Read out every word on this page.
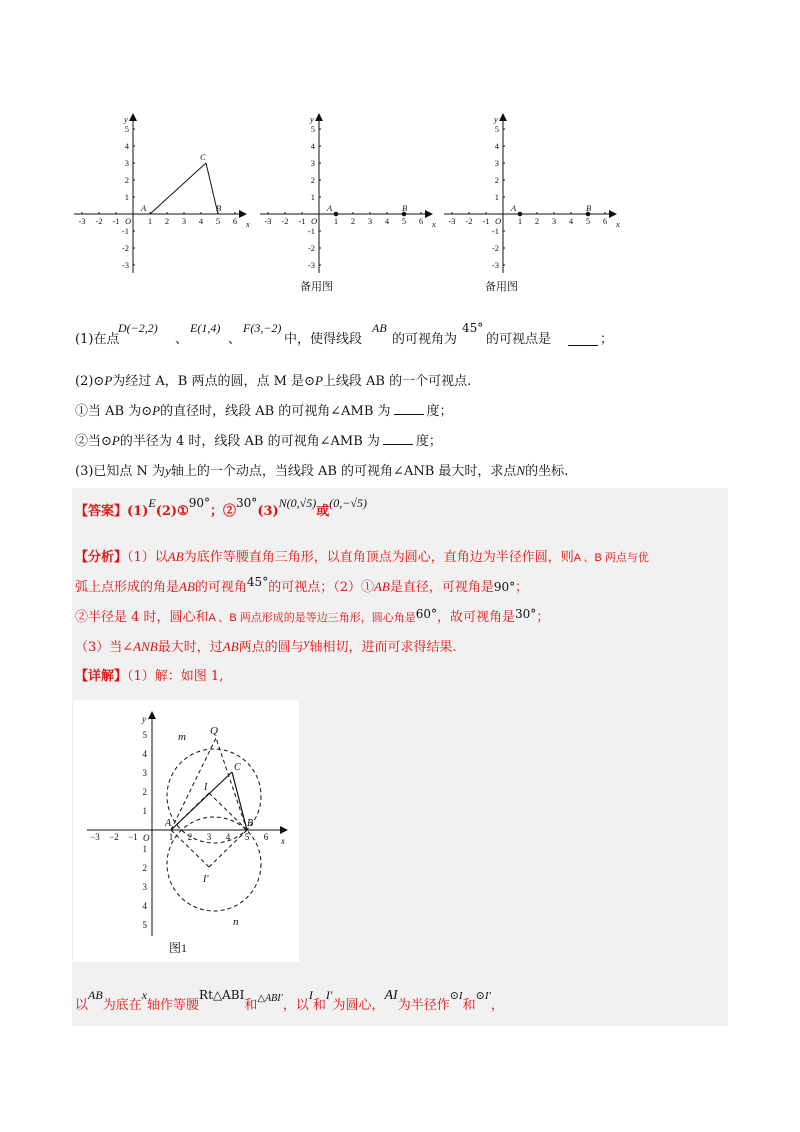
-3 -2 -1	1 2 3 4 5 6
5
4
3
2
1
-1
-2
-3
O	x
y
A	B
C
-3 -2 -1	1 2 3 4 5 6
5
4
3
2
1
-1
-2
-3
O	x
y
A	B
-3 -2 -1	1 2 3 4 5 6
5
4
3
2
1
-1
-2
-3
O	x
y
A	B
备用图	备用图
(1)在点
D(−2,2)
、
E(1,4)
、
F(3,−2)
中，使得线段
AB
的可视角为
45°
的可视点是	；
(2)⊙P为经过 A，B 两点的圆，点 M 是⊙P上线段 AB 的一个可视点.
①当 AB 为⊙P的直径时，线段 AB 的可视角∠AMB 为	度；
②当⊙P的半径为 4 时，线段 AB 的可视角∠AMB 为	度；
(3)已知点 N 为y轴上的一个动点，当线段 AB 的可视角∠ANB 最大时，求点N的坐标.
【答案】(1)E(2)①90°；②30°(3)N(0,√5)或(0,−√5)
【分析】（1）以AB为底作等腰直角三角形，以直角顶点为圆心，直角边为半径作圆，则A 、B 两点与优
弧上点形成的角是AB的可视角45°的可视点；（2）①AB是直径，可视角是90°；
②半径是 4 时，圆心和A 、B 两点形成的是等边三角形，圆心角是60°，故可视角是30°；
（3）当∠ANB最大时，过AB两点的圆与y轴相切，进而可求得结果.
【详解】（1）解：如图 1,
−3 −2 −1	1 2 3 4 5 6
5
4
3
2
1
1
2
3
4
5
O	x
y
Q
m
n
C
I
I′
A	B
图1
以AB为底在x轴作等腰Rt△ABI和$^{\triangle ABI'}$，以I和I′为圆心，AI为半径作$^{⊙I}$和$^{⊙I'}$，
